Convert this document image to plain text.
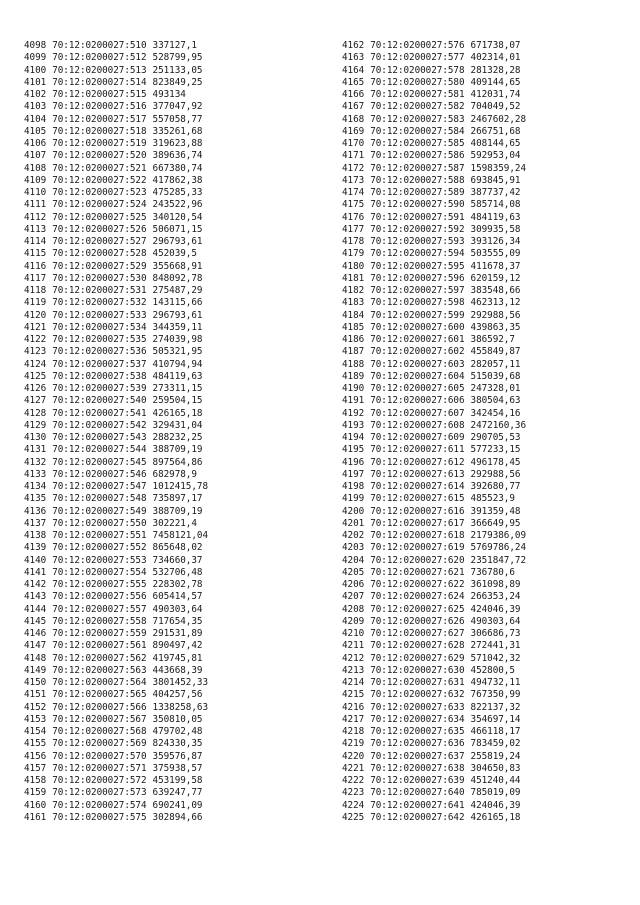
4098 70:12:0200027:510 337127,1
4099 70:12:0200027:512 528799,95
4100 70:12:0200027:513 251133,05
4101 70:12:0200027:514 823849,25
4102 70:12:0200027:515 493134
4103 70:12:0200027:516 377047,92
4104 70:12:0200027:517 557058,77
4105 70:12:0200027:518 335261,68
4106 70:12:0200027:519 319623,88
4107 70:12:0200027:520 389636,74
4108 70:12:0200027:521 667380,74
4109 70:12:0200027:522 417862,38
4110 70:12:0200027:523 475285,33
4111 70:12:0200027:524 243522,96
4112 70:12:0200027:525 340120,54
4113 70:12:0200027:526 506071,15
4114 70:12:0200027:527 296793,61
4115 70:12:0200027:528 452039,5
4116 70:12:0200027:529 355668,91
4117 70:12:0200027:530 848092,78
4118 70:12:0200027:531 275487,29
4119 70:12:0200027:532 143115,66
4120 70:12:0200027:533 296793,61
4121 70:12:0200027:534 344359,11
4122 70:12:0200027:535 274039,98
4123 70:12:0200027:536 505321,95
4124 70:12:0200027:537 410794,94
4125 70:12:0200027:538 484119,63
4126 70:12:0200027:539 273311,15
4127 70:12:0200027:540 259504,15
4128 70:12:0200027:541 426165,18
4129 70:12:0200027:542 329431,04
4130 70:12:0200027:543 288232,25
4131 70:12:0200027:544 388709,19
4132 70:12:0200027:545 897564,86
4133 70:12:0200027:546 682978,9
4134 70:12:0200027:547 1012415,78
4135 70:12:0200027:548 735897,17
4136 70:12:0200027:549 388709,19
4137 70:12:0200027:550 302221,4
4138 70:12:0200027:551 7458121,04
4139 70:12:0200027:552 865648,02
4140 70:12:0200027:553 734660,37
4141 70:12:0200027:554 532706,48
4142 70:12:0200027:555 228302,78
4143 70:12:0200027:556 605414,57
4144 70:12:0200027:557 490303,64
4145 70:12:0200027:558 717654,35
4146 70:12:0200027:559 291531,89
4147 70:12:0200027:561 890497,42
4148 70:12:0200027:562 419745,81
4149 70:12:0200027:563 443668,39
4150 70:12:0200027:564 3801452,33
4151 70:12:0200027:565 404257,56
4152 70:12:0200027:566 1338258,63
4153 70:12:0200027:567 350810,05
4154 70:12:0200027:568 479702,48
4155 70:12:0200027:569 824330,35
4156 70:12:0200027:570 359576,87
4157 70:12:0200027:571 375938,57
4158 70:12:0200027:572 453199,58
4159 70:12:0200027:573 639247,77
4160 70:12:0200027:574 690241,09
4161 70:12:0200027:575 302894,66
4162 70:12:0200027:576 671738,07
4163 70:12:0200027:577 402314,01
4164 70:12:0200027:578 281328,28
4165 70:12:0200027:580 409144,65
4166 70:12:0200027:581 412031,74
4167 70:12:0200027:582 704049,52
4168 70:12:0200027:583 2467602,28
4169 70:12:0200027:584 266751,68
4170 70:12:0200027:585 408144,65
4171 70:12:0200027:586 592953,04
4172 70:12:0200027:587 1598359,24
4173 70:12:0200027:588 693845,91
4174 70:12:0200027:589 387737,42
4175 70:12:0200027:590 585714,08
4176 70:12:0200027:591 484119,63
4177 70:12:0200027:592 309935,58
4178 70:12:0200027:593 393126,34
4179 70:12:0200027:594 503555,09
4180 70:12:0200027:595 411678,37
4181 70:12:0200027:596 620159,12
4182 70:12:0200027:597 383548,66
4183 70:12:0200027:598 462313,12
4184 70:12:0200027:599 292988,56
4185 70:12:0200027:600 439863,35
4186 70:12:0200027:601 386592,7
4187 70:12:0200027:602 455849,87
4188 70:12:0200027:603 282057,11
4189 70:12:0200027:604 515039,68
4190 70:12:0200027:605 247328,01
4191 70:12:0200027:606 380504,63
4192 70:12:0200027:607 342454,16
4193 70:12:0200027:608 2472160,36
4194 70:12:0200027:609 290705,53
4195 70:12:0200027:611 577233,15
4196 70:12:0200027:612 496178,45
4197 70:12:0200027:613 292988,56
4198 70:12:0200027:614 392680,77
4199 70:12:0200027:615 485523,9
4200 70:12:0200027:616 391359,48
4201 70:12:0200027:617 366649,95
4202 70:12:0200027:618 2179386,09
4203 70:12:0200027:619 5769786,24
4204 70:12:0200027:620 2351847,72
4205 70:12:0200027:621 736780,6
4206 70:12:0200027:622 361098,89
4207 70:12:0200027:624 266353,24
4208 70:12:0200027:625 424046,39
4209 70:12:0200027:626 490303,64
4210 70:12:0200027:627 306686,73
4211 70:12:0200027:628 272441,31
4212 70:12:0200027:629 571042,32
4213 70:12:0200027:630 452800,5
4214 70:12:0200027:631 494732,11
4215 70:12:0200027:632 767350,99
4216 70:12:0200027:633 822137,32
4217 70:12:0200027:634 354697,14
4218 70:12:0200027:635 466118,17
4219 70:12:0200027:636 783459,02
4220 70:12:0200027:637 255819,24
4221 70:12:0200027:638 304650,83
4222 70:12:0200027:639 451240,44
4223 70:12:0200027:640 785019,09
4224 70:12:0200027:641 424046,39
4225 70:12:0200027:642 426165,18
